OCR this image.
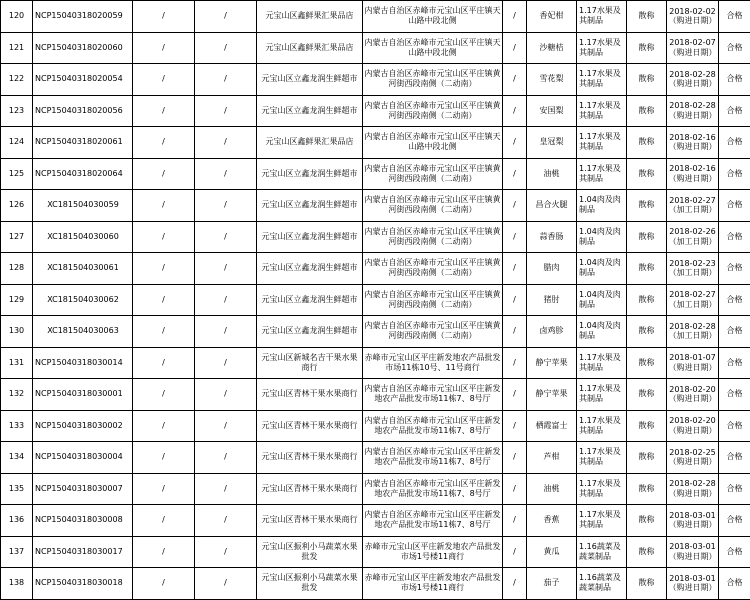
120	NCP15040318020059	/	/	元宝山区鑫鲜果汇果品店	内蒙古自治区赤峰市元宝山区平庄镇天山路中段北侧	/	香妃柑	1.17水果及其制品	散称	2018-02-02（购进日期）	合格
121	NCP15040318020060	/	/	元宝山区鑫鲜果汇果品店	内蒙古自治区赤峰市元宝山区平庄镇天山路中段北侧	/	沙糖桔	1.17水果及其制品	散称	2018-02-07（购进日期）	合格
122	NCP15040318020054	/	/	元宝山区立鑫龙润生鲜超市	内蒙古自治区赤峰市元宝山区平庄镇黄河街西段南侧（二动南）	/	雪花梨	1.17水果及其制品	散称	2018-02-28（购进日期）	合格
123	NCP15040318020056	/	/	元宝山区立鑫龙润生鲜超市	内蒙古自治区赤峰市元宝山区平庄镇黄河街西段南侧（二动南）	/	安国梨	1.17水果及其制品	散称	2018-02-28（购进日期）	合格
124	NCP15040318020061	/	/	元宝山区鑫鲜果汇果品店	内蒙古自治区赤峰市元宝山区平庄镇天山路中段北侧	/	皇冠梨	1.17水果及其制品	散称	2018-02-16（购进日期）	合格
125	NCP15040318020064	/	/	元宝山区立鑫龙润生鲜超市	内蒙古自治区赤峰市元宝山区平庄镇黄河街西段南侧（二动南）	/	油桃	1.17水果及其制品	散称	2018-02-16（购进日期）	合格
126	XC181504030059	/	/	元宝山区立鑫龙润生鲜超市	内蒙古自治区赤峰市元宝山区平庄镇黄河街西段南侧（二动南）	/	昌合火腿	1.04肉及肉制品	散称	2018-02-27（加工日期）	合格
127	XC181504030060	/	/	元宝山区立鑫龙润生鲜超市	内蒙古自治区赤峰市元宝山区平庄镇黄河街西段南侧（二动南）	/	蒜香肠	1.04肉及肉制品	散称	2018-02-26（加工日期）	合格
128	XC181504030061	/	/	元宝山区立鑫龙润生鲜超市	内蒙古自治区赤峰市元宝山区平庄镇黄河街西段南侧（二动南）	/	腊肉	1.04肉及肉制品	散称	2018-02-23（加工日期）	合格
129	XC181504030062	/	/	元宝山区立鑫龙润生鲜超市	内蒙古自治区赤峰市元宝山区平庄镇黄河街西段南侧（二动南）	/	猪肘	1.04肉及肉制品	散称	2018-02-27（加工日期）	合格
130	XC181504030063	/	/	元宝山区立鑫龙润生鲜超市	内蒙古自治区赤峰市元宝山区平庄镇黄河街西段南侧（二动南）	/	卤鸡胗	1.04肉及肉制品	散称	2018-02-28（加工日期）	合格
131	NCP15040318030014	/	/	元宝山区新城名吉干果水果商行	赤峰市元宝山区平庄新发地农产品批发市场11栋10号、11号商行	/	静宁苹果	1.17水果及其制品	散称	2018-01-07（购进日期）	合格
132	NCP15040318030001	/	/	元宝山区青林干果水果商行	内蒙古自治区赤峰市元宝山区平庄新发地农产品批发市场11栋7、8号厅	/	静宁苹果	1.17水果及其制品	散称	2018-02-20（购进日期）	合格
133	NCP15040318030002	/	/	元宝山区青林干果水果商行	内蒙古自治区赤峰市元宝山区平庄新发地农产品批发市场11栋7、8号厅	/	栖霞富士	1.17水果及其制品	散称	2018-02-20（购进日期）	合格
134	NCP15040318030004	/	/	元宝山区青林干果水果商行	内蒙古自治区赤峰市元宝山区平庄新发地农产品批发市场11栋7、8号厅	/	芦柑	1.17水果及其制品	散称	2018-02-25（购进日期）	合格
135	NCP15040318030007	/	/	元宝山区青林干果水果商行	内蒙古自治区赤峰市元宝山区平庄新发地农产品批发市场11栋7、8号厅	/	油桃	1.17水果及其制品	散称	2018-02-28（购进日期）	合格
136	NCP15040318030008	/	/	元宝山区青林干果水果商行	内蒙古自治区赤峰市元宝山区平庄新发地农产品批发市场11栋7、8号厅	/	香蕉	1.17水果及其制品	散称	2018-03-01（购进日期）	合格
137	NCP15040318030017	/	/	元宝山区振利小马蔬菜水果批发	赤峰市元宝山区平庄新发地农产品批发市场1号楼11商行	/	黄瓜	1.16蔬菜及蔬菜制品	散称	2018-03-01（购进日期）	合格
138	NCP15040318030018	/	/	元宝山区振利小马蔬菜水果批发	赤峰市元宝山区平庄新发地农产品批发市场1号楼11商行	/	茄子	1.16蔬菜及蔬菜制品	散称	2018-03-01（购进日期）	合格
